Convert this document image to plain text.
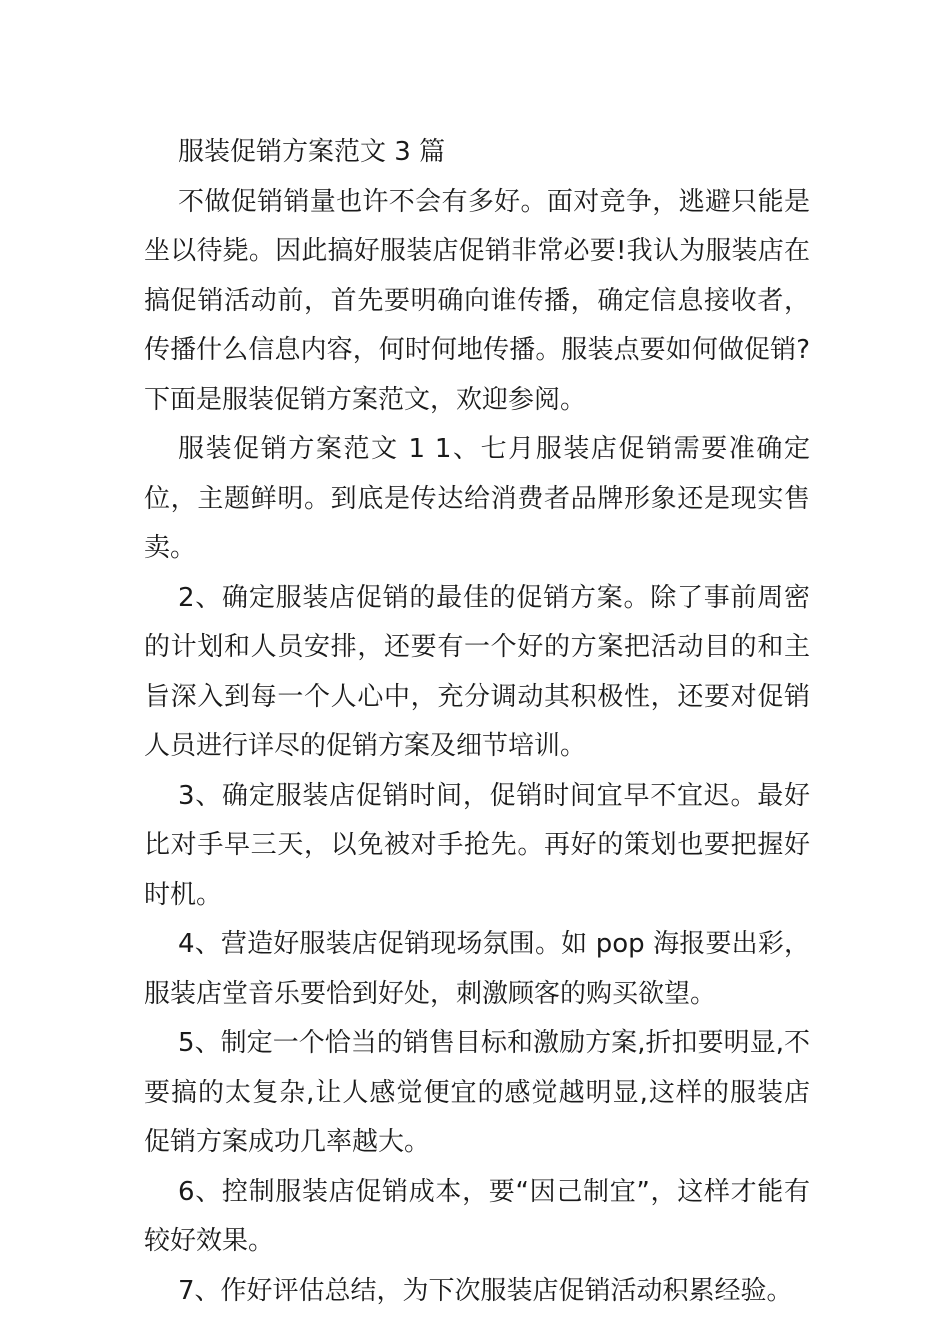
服装促销方案范文 3 篇

不做促销销量也许不会有多好。面对竞争，逃避只能是坐以待毙。因此搞好服装店促销非常必要!我认为服装店在搞促销活动前，首先要明确向谁传播，确定信息接收者，传播什么信息内容，何时何地传播。服装点要如何做促销?下面是服装促销方案范文，欢迎参阅。

服装促销方案范文 1 1、七月服装店促销需要准确定位，主题鲜明。到底是传达给消费者品牌形象还是现实售卖。

2、确定服装店促销的最佳的促销方案。除了事前周密的计划和人员安排，还要有一个好的方案把活动目的和主旨深入到每一个人心中，充分调动其积极性，还要对促销人员进行详尽的促销方案及细节培训。

3、确定服装店促销时间，促销时间宜早不宜迟。最好比对手早三天，以免被对手抢先。再好的策划也要把握好时机。

4、营造好服装店促销现场氛围。如 pop 海报要出彩，服装店堂音乐要恰到好处，刺激顾客的购买欲望。

5、制定一个恰当的销售目标和激励方案,折扣要明显,不要搞的太复杂,让人感觉便宜的感觉越明显,这样的服装店促销方案成功几率越大。

6、控制服装店促销成本，要“因己制宜”，这样才能有较好效果。

7、作好评估总结，为下次服装店促销活动积累经验。
